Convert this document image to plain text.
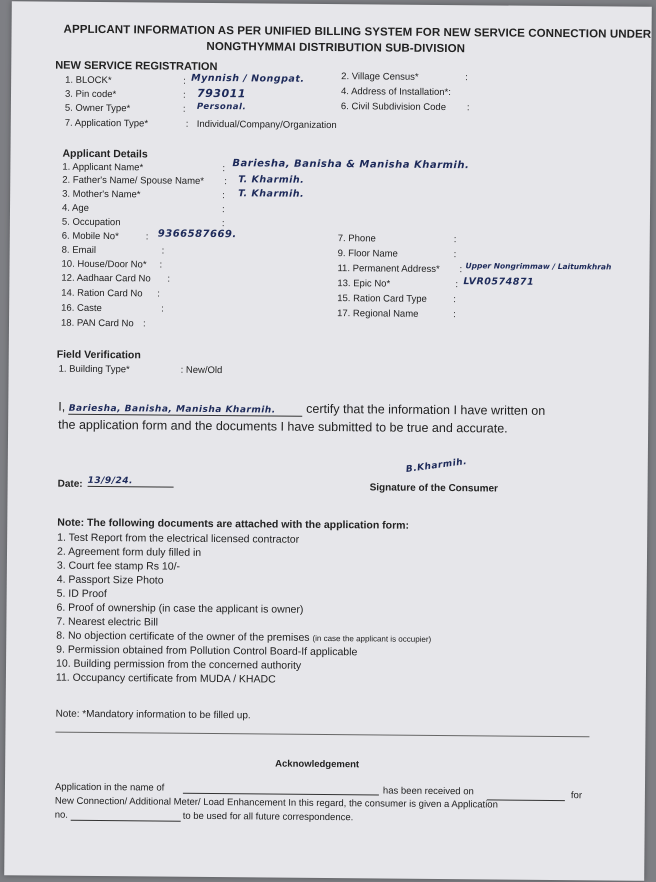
APPLICANT INFORMATION AS PER UNIFIED BILLING SYSTEM FOR NEW SERVICE CONNECTION UNDER
NONGTHYMMAI DISTRIBUTION SUB-DIVISION
NEW SERVICE REGISTRATION
1. BLOCK*	: Mynnish / Nongpat.	2. Village Census*	:
3. Pin code*	: 793011	4. Address of Installation*:
5. Owner Type*	: Personal.	6. Civil Subdivision Code :
7. Application Type*	: Individual/Company/Organization
Applicant Details
1. Applicant Name*	: Bariesha, Banisha & Manisha Kharmih.
2. Father's Name/ Spouse Name* : T. Kharmih.
3. Mother's Name*	: T. Kharmih.
4. Age	:
5. Occupation	:
6. Mobile No*	: 9366587669.	7. Phone	:
8. Email	:	9. Floor Name	:
10. House/Door No* :	11. Permanent Address* : Upper Nongrimmaw / Laitumkhrah
12. Aadhaar Card No :	13. Epic No*	: LVR0574871
14. Ration Card No :	15. Ration Card Type	:
16. Caste	:	17. Regional Name	:
18. PAN Card No :
Field Verification
1. Building Type*	: New/Old
I, Bariesha, Banisha, Manisha Kharmih. certify that the information I have written on
the application form and the documents I have submitted to be true and accurate.
Date: 13/9/24.
B.Kharmih.
Signature of the Consumer
Note: The following documents are attached with the application form:
1. Test Report from the electrical licensed contractor
2. Agreement form duly filled in
3. Court fee stamp Rs 10/-
4. Passport Size Photo
5. ID Proof
6. Proof of ownership (in case the applicant is owner)
7. Nearest electric Bill
8. No objection certificate of the owner of the premises (in case the applicant is occupier)
9. Permission obtained from Pollution Control Board-If applicable
10. Building permission from the concerned authority
11. Occupancy certificate from MUDA / KHADC
Note: *Mandatory information to be filled up.
Acknowledgement
Application in the name of	has been received on	for
New Connection/ Additional Meter/ Load Enhancement In this regard, the consumer is given a Application
no.	to be used for all future correspondence.
